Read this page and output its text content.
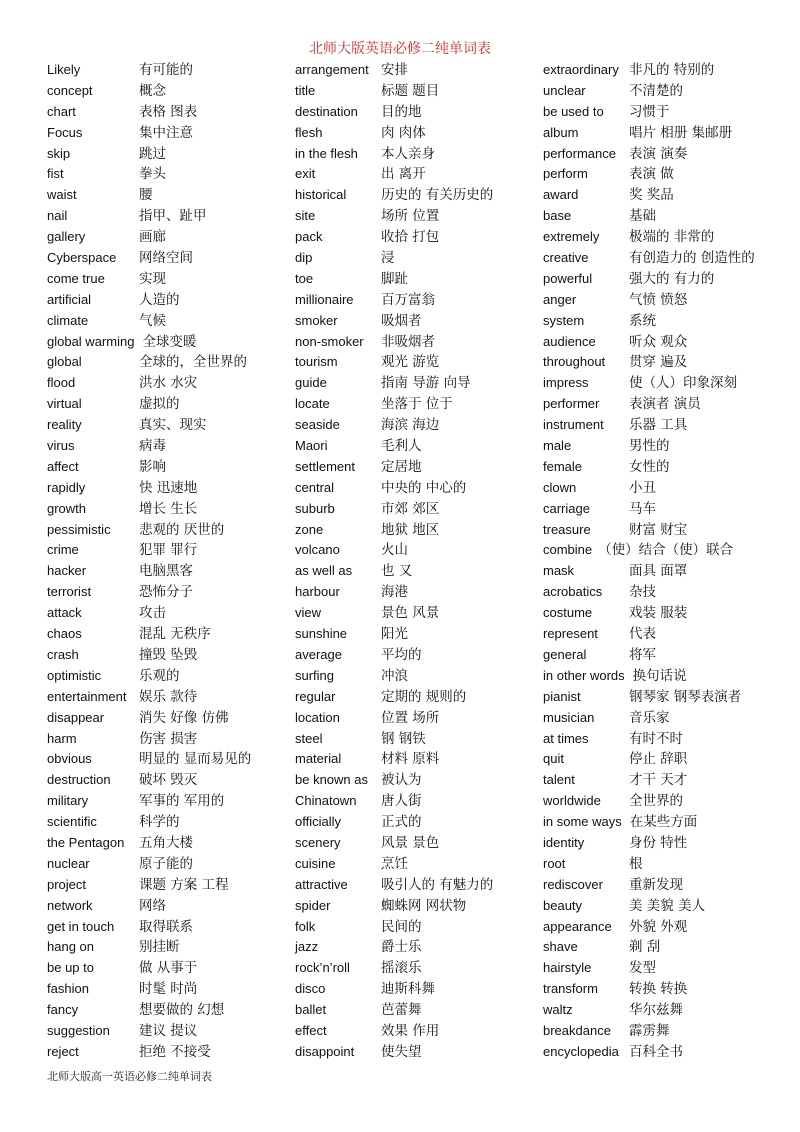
北师大版英语必修二纯单词表
Likely	有可能的
concept	概念
chart	表格 图表
Focus	集中注意
skip	跳过
fist	拳头
waist	腰
nail	指甲、趾甲
gallery	画廊
Cyberspace 网络空间
come true	实现
artificial	人造的
climate	气候
global warming 全球变暖
global	全球的，全世界的
flood	洪水 水灾
virtual	虚拟的
reality	真实、现实
virus	病毒
affect	影响
rapidly	快 迅速地
growth	增长 生长
pessimistic 悲观的 厌世的
crime	犯罪 罪行
hacker	电脑黑客
terrorist	恐怖分子
attack	攻击
chaos	混乱 无秩序
crash	撞毁 坠毁
optimistic	乐观的
entertainment 娱乐 款待
disappear	消失 好像 仿佛
harm	伤害 损害
obvious	明显的 显而易见的
destruction 破坏 毁灭
military	军事的 军用的
scientific	科学的
the Pentagon 五角大楼
nuclear	原子能的
project	课题 方案 工程
network	网络
get in touch 取得联系
hang on	别挂断
be up to	做 从事于
fashion	时髦 时尚
fancy	想要做的 幻想
suggestion 建议 提议
reject	拒绝 不接受
arrangement 安排
title	标题 题目
destination 目的地
flesh	肉 肉体
in the flesh 本人亲身
exit	出 离开
historical	历史的 有关历史的
site	场所 位置
pack	收拾 打包
dip	浸
toe	脚趾
millionaire 百万富翁
smoker	吸烟者
non-smoker 非吸烟者
tourism	观光 游览
guide	指南 导游 向导
locate	坐落于 位于
seaside	海滨 海边
Maori	毛利人
settlement 定居地
central	中央的 中心的
suburb	市郊 郊区
zone	地狱 地区
volcano	火山
as well as 也 又
harbour	海港
view	景色 风景
sunshine	阳光
average	平均的
surfing	冲浪
regular	定期的 规则的
location	位置 场所
steel	钢 钢铁
material	材料 原料
be known as 被认为
Chinatown 唐人街
officially	正式的
scenery	风景 景色
cuisine	烹饪
attractive 吸引人的 有魅力的
spider	蜘蛛网 网状物
folk	民间的
jazz	爵士乐
rock’n’roll 摇滚乐
disco	迪斯科舞
ballet	芭蕾舞
effect	效果 作用
disappoint 使失望
extraordinary 非凡的 特别的
unclear	不清楚的
be used to 习惯于
album	唱片 相册 集邮册
performance 表演 演奏
perform	表演 做
award	奖 奖品
base	基础
extremely 极端的 非常的
creative	有创造力的 创造性的
powerful	强大的 有力的
anger	气愤 愤怒
system	系统
audience 听众 观众
throughout 贯穿 遍及
impress	使（人）印象深刻
performer 表演者 演员
instrument 乐器 工具
male	男性的
female	女性的
clown	小丑
carriage	马车
treasure	财富 财宝
combine （使）结合（使）联合
mask	面具 面罩
acrobatics 杂技
costume	戏装 服装
represent 代表
general	将军
in other words 换句话说
pianist	钢琴家 钢琴表演者
musician	音乐家
at times	有时不时
quit	停止 辞职
talent	才干 天才
worldwide 全世界的
in some ways 在某些方面
identity	身份 特性
root	根
rediscover 重新发现
beauty	美 美貌 美人
appearance 外貌 外观
shave	剃 刮
hairstyle	发型
transform 转换 转换
waltz	华尔兹舞
breakdance 霹雳舞
encyclopedia 百科全书
北师大版高一英语必修二纯单词表
